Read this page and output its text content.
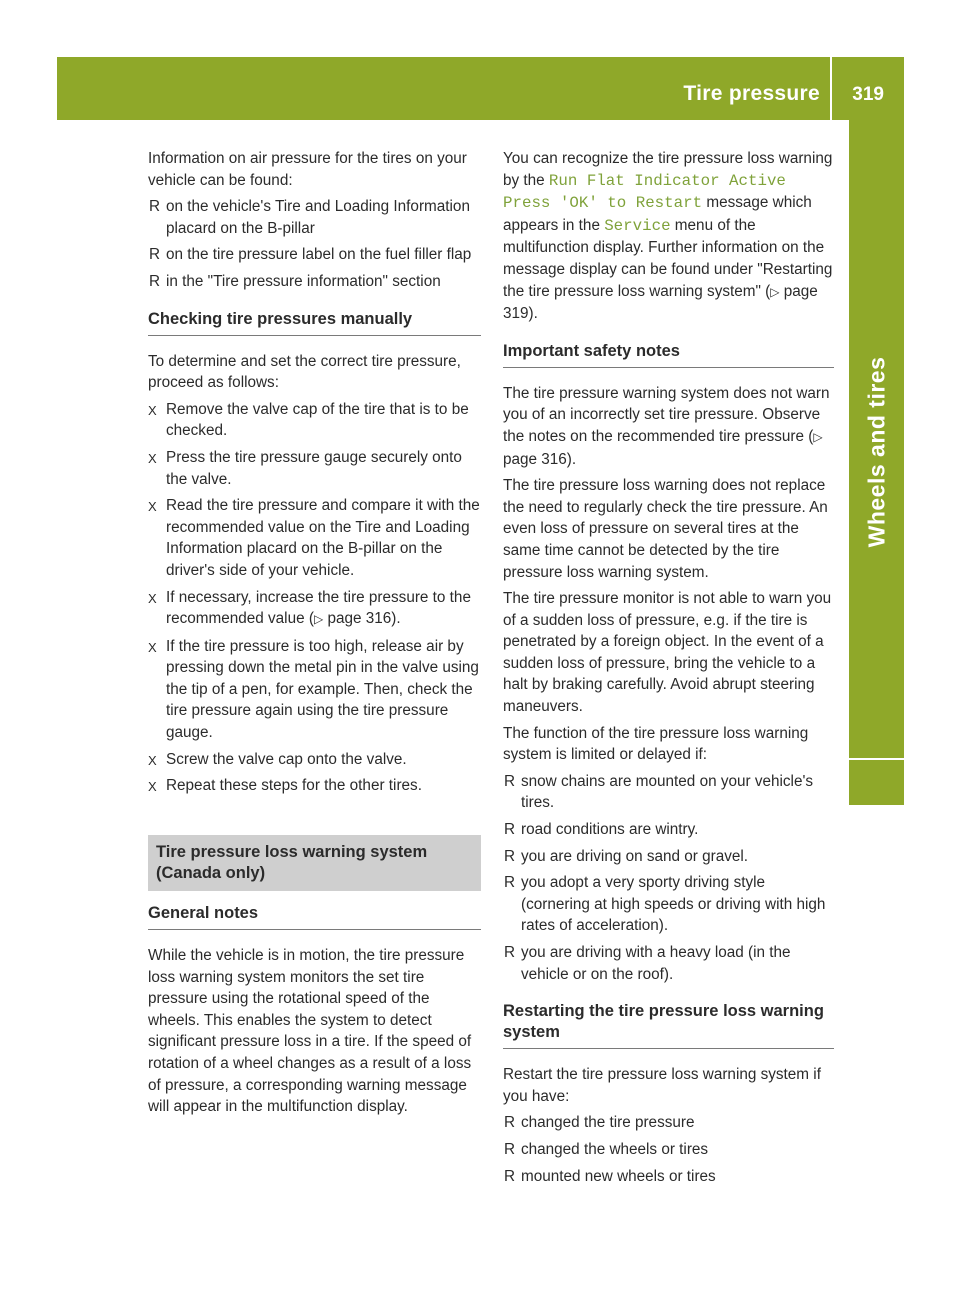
Tire pressure 319
Wheels and tires

Information on air pressure for the tires on your vehicle can be found:

R on the vehicle's Tire and Loading Information placard on the B-pillar
R on the tire pressure label on the fuel filler flap
R in the "Tire pressure information" section
Checking tire pressures manually

To determine and set the correct tire pressure, proceed as follows:

X Remove the valve cap of the tire that is to be checked.
X Press the tire pressure gauge securely onto the valve.
X Read the tire pressure and compare it with the recommended value on the Tire and Loading Information placard on the B-pillar on the driver's side of your vehicle.
X If necessary, increase the tire pressure to the recommended value (▷ page 316).
X If the tire pressure is too high, release air by pressing down the metal pin in the valve using the tip of a pen, for example. Then, check the tire pressure again using the tire pressure gauge.
X Screw the valve cap onto the valve.
X Repeat these steps for the other tires.
Tire pressure loss warning system (Canada only)
General notes

While the vehicle is in motion, the tire pressure loss warning system monitors the set tire pressure using the rotational speed of the wheels. This enables the system to detect significant pressure loss in a tire. If the speed of rotation of a wheel changes as a result of a loss of pressure, a corresponding warning message will appear in the multifunction display.

You can recognize the tire pressure loss warning by the Run Flat Indicator Active Press 'OK' to Restart message which appears in the Service menu of the multifunction display. Further information on the message display can be found under "Restarting the tire pressure loss warning system" (▷ page 319).

Important safety notes

The tire pressure warning system does not warn you of an incorrectly set tire pressure. Observe the notes on the recommended tire pressure (▷ page 316).

The tire pressure loss warning does not replace the need to regularly check the tire pressure. An even loss of pressure on several tires at the same time cannot be detected by the tire pressure loss warning system.

The tire pressure monitor is not able to warn you of a sudden loss of pressure, e.g. if the tire is penetrated by a foreign object. In the event of a sudden loss of pressure, bring the vehicle to a halt by braking carefully. Avoid abrupt steering maneuvers.

The function of the tire pressure loss warning system is limited or delayed if:

R snow chains are mounted on your vehicle's tires.
R road conditions are wintry.
R you are driving on sand or gravel.
R you adopt a very sporty driving style (cornering at high speeds or driving with high rates of acceleration).
R you are driving with a heavy load (in the vehicle or on the roof).
Restarting the tire pressure loss warning system

Restart the tire pressure loss warning system if you have:

R changed the tire pressure
R changed the wheels or tires
R mounted new wheels or tires
